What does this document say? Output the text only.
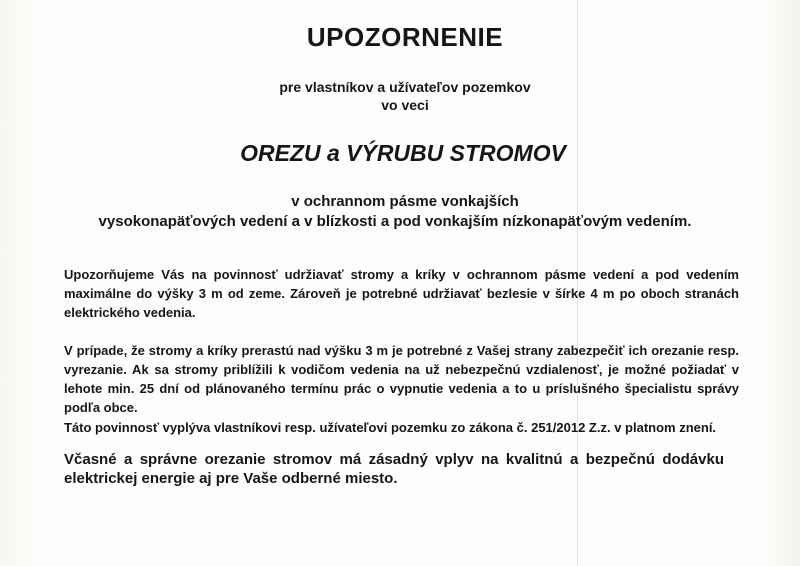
UPOZORNENIE
pre vlastníkov a užívateľov pozemkov
vo veci
OREZU a VÝRUBU STROMOV
v ochrannom pásme vonkajších
vysokonapäťových vedení a v blízkosti a pod vonkajším nízkonapäťovým vedením.
Upozorňujeme Vás na povinnosť udržiavať stromy a kríky v ochrannom pásme vedení a pod vedením maximálne do výšky 3 m od zeme. Zároveň je potrebné udržiavať bezlesie v šírke 4 m po oboch stranách elektrického vedenia.
V prípade, že stromy a kríky prerastú nad výšku 3 m je potrebné z Vašej strany zabezpečiť ich orezanie resp. vyrezanie. Ak sa stromy priblížili k vodičom vedenia na už nebezpečnú vzdialenosť, je možné požiadať v lehote min. 25 dní od plánovaného termínu prác o vypnutie vedenia a to u príslušného špecialistu správy podľa obce.
Táto povinnosť vyplýva vlastníkovi resp. užívateľovi pozemku zo zákona č. 251/2012 Z.z. v platnom znení.
Včasné a správne orezanie stromov má zásadný vplyv na kvalitnú a bezpečnú dodávku elektrickej energie aj pre Vaše odberné miesto.
